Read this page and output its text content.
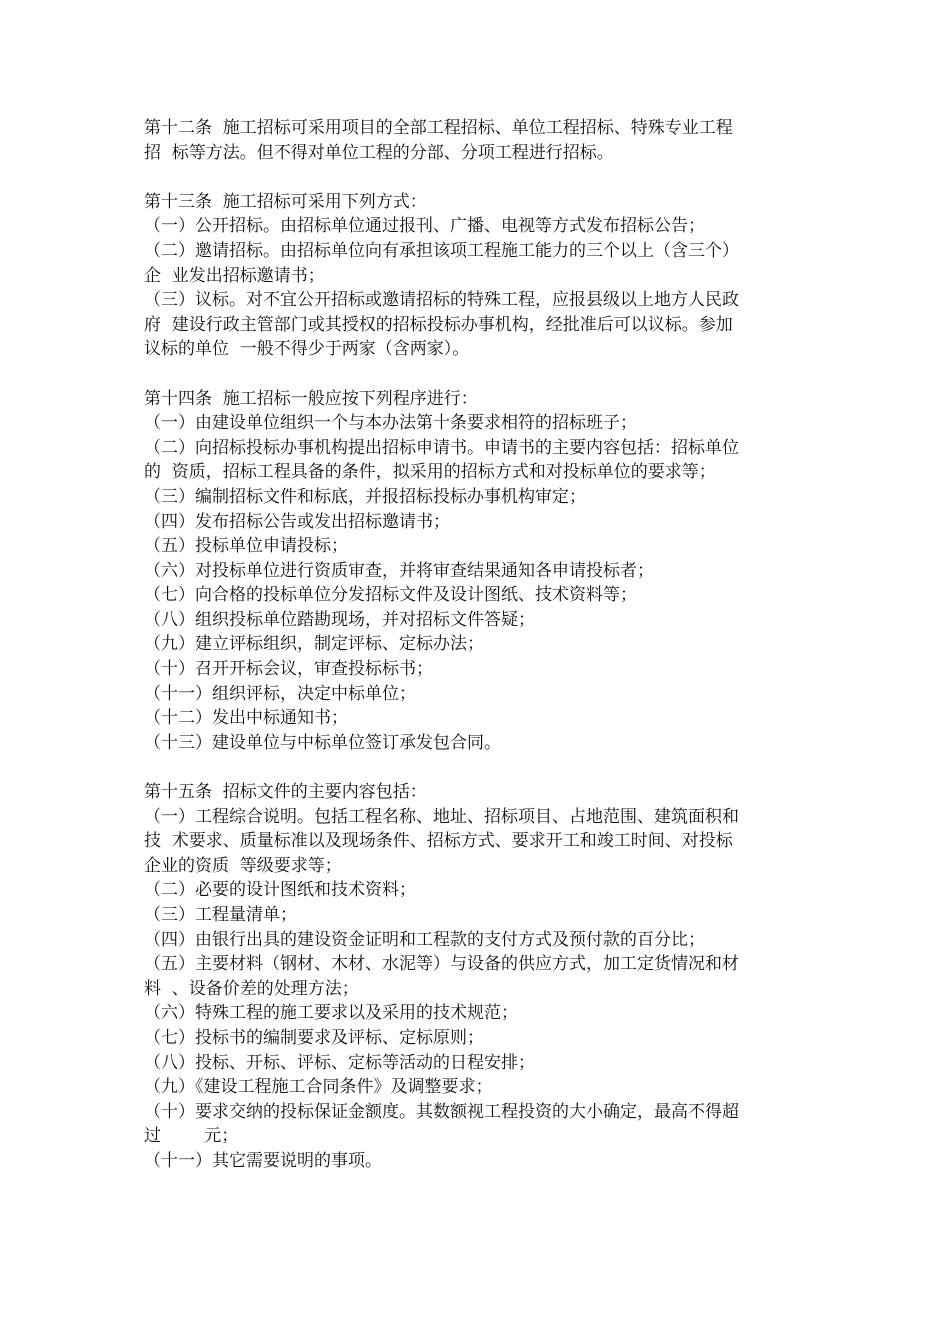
第十二条  施工招标可采用项目的全部工程招标、单位工程招标、特殊专业工程
招  标等方法。但不得对单位工程的分部、分项工程进行招标。
第十三条  施工招标可采用下列方式：
（一）公开招标。由招标单位通过报刊、广播、电视等方式发布招标公告；
（二）邀请招标。由招标单位向有承担该项工程施工能力的三个以上（含三个）
企  业发出招标邀请书；
（三）议标。对不宜公开招标或邀请招标的特殊工程，应报县级以上地方人民政
府  建设行政主管部门或其授权的招标投标办事机构，经批准后可以议标。参加
议标的单位  一般不得少于两家（含两家）。
第十四条  施工招标一般应按下列程序进行：
（一）由建设单位组织一个与本办法第十条要求相符的招标班子；
（二）向招标投标办事机构提出招标申请书。申请书的主要内容包括：招标单位
的  资质，招标工程具备的条件，拟采用的招标方式和对投标单位的要求等；
（三）编制招标文件和标底，并报招标投标办事机构审定；
（四）发布招标公告或发出招标邀请书；
（五）投标单位申请投标；
（六）对投标单位进行资质审查，并将审查结果通知各申请投标者；
（七）向合格的投标单位分发招标文件及设计图纸、技术资料等；
（八）组织投标单位踏勘现场，并对招标文件答疑；
（九）建立评标组织，制定评标、定标办法；
（十）召开开标会议，审查投标标书；
（十一）组织评标，决定中标单位；
（十二）发出中标通知书；
（十三）建设单位与中标单位签订承发包合同。
第十五条  招标文件的主要内容包括：
（一）工程综合说明。包括工程名称、地址、招标项目、占地范围、建筑面积和
技  术要求、质量标准以及现场条件、招标方式、要求开工和竣工时间、对投标
企业的资质  等级要求等；
（二）必要的设计图纸和技术资料；
（三）工程量清单；
（四）由银行出具的建设资金证明和工程款的支付方式及预付款的百分比；
（五）主要材料（钢材、木材、水泥等）与设备的供应方式，加工定货情况和材
料  、设备价差的处理方法；
（六）特殊工程的施工要求以及采用的技术规范；
（七）投标书的编制要求及评标、定标原则；
（八）投标、开标、评标、定标等活动的日程安排；
（九）《建设工程施工合同条件》及调整要求；
（十）要求交纳的投标保证金额度。其数额视工程投资的大小确定，最高不得超
过        元；
（十一）其它需要说明的事项。
